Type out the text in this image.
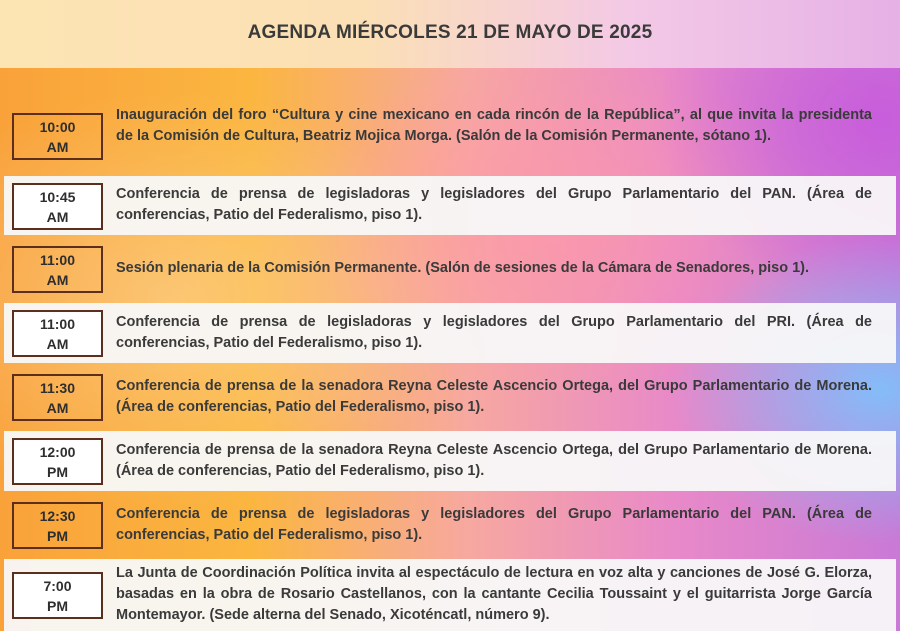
AGENDA MIÉRCOLES 21 DE MAYO DE 2025
10:00
AM
Inauguración del foro “Cultura y cine mexicano en cada rincón de la República”, al que invita la presidenta de la Comisión de Cultura, Beatriz Mojica Morga. (Salón de la Comisión Permanente, sótano 1).
10:45
AM
Conferencia de prensa de legisladoras y legisladores del Grupo Parlamentario del PAN. (Área de conferencias, Patio del Federalismo, piso 1).
11:00
AM
Sesión plenaria de la Comisión Permanente. (Salón de sesiones de la Cámara de Senadores, piso 1).
11:00
AM
Conferencia de prensa de legisladoras y legisladores del Grupo Parlamentario del PRI. (Área de conferencias, Patio del Federalismo, piso 1).
11:30
AM
Conferencia de prensa de la senadora Reyna Celeste Ascencio Ortega, del Grupo Parlamentario de Morena. (Área de conferencias, Patio del Federalismo, piso 1).
12:00
PM
Conferencia de prensa de la senadora Reyna Celeste Ascencio Ortega, del Grupo Parlamentario de Morena. (Área de conferencias, Patio del Federalismo, piso 1).
12:30
PM
Conferencia de prensa de legisladoras y legisladores del Grupo Parlamentario del PAN. (Área de conferencias, Patio del Federalismo, piso 1).
7:00
PM
La Junta de Coordinación Política invita al espectáculo de lectura en voz alta y canciones de José G. Elorza, basadas en la obra de Rosario Castellanos, con la cantante Cecilia Toussaint y el guitarrista Jorge García Montemayor. (Sede alterna del Senado, Xicoténcatl, número 9).
